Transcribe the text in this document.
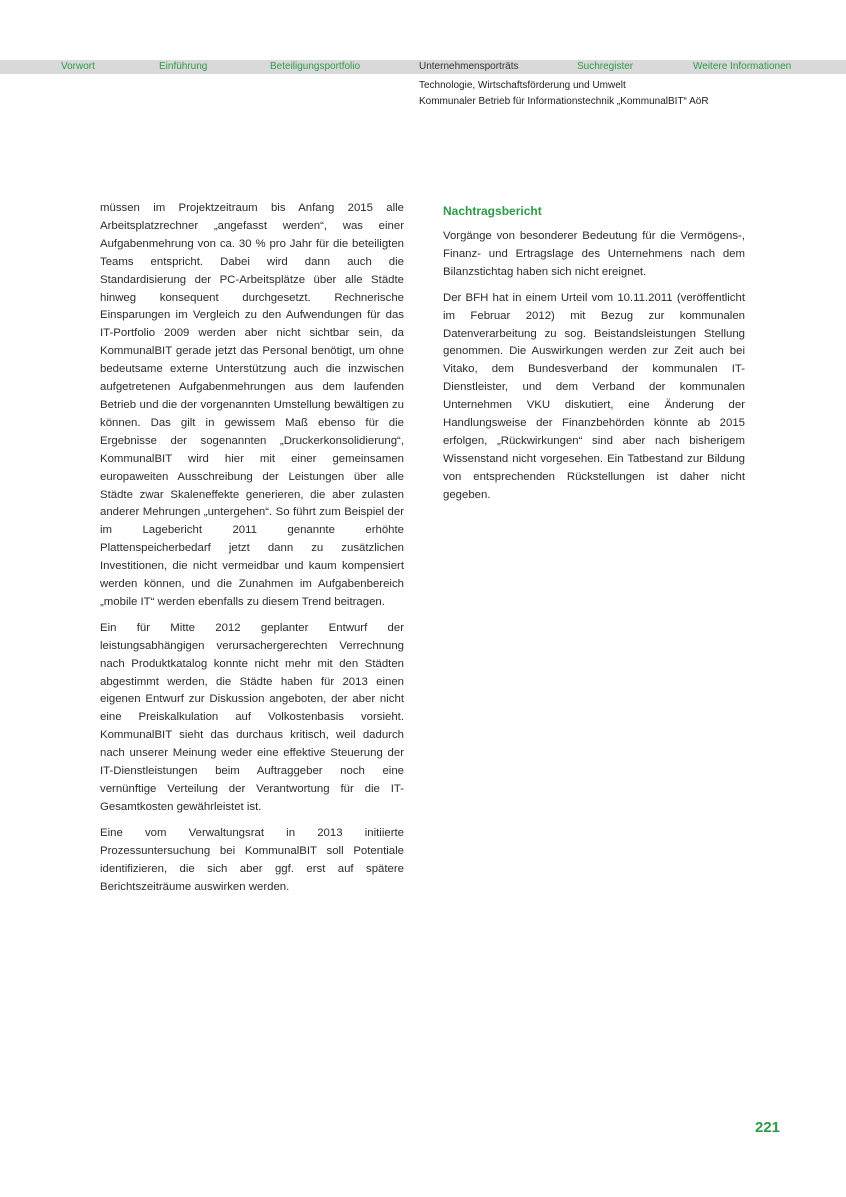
Vorwort	Einführung	Beteiligungsportfolio	Unternehmensporträts	Suchregister	Weitere Informationen
Technologie, Wirtschaftsförderung und Umwelt
Kommunaler Betrieb für Informationstechnik „KommunalBIT“ AöR

müssen im Projektzeitraum bis Anfang 2015 alle Arbeitsplatzrechner „angefasst werden“, was einer Aufgabenmehrung von ca. 30 % pro Jahr für die beteiligten Teams entspricht. Dabei wird dann auch die Standardisierung der PC-Arbeitsplätze über alle Städte hinweg konsequent durchgesetzt. Rechnerische Einsparungen im Vergleich zu den Aufwendungen für das IT-Portfolio 2009 werden aber nicht sichtbar sein, da KommunalBIT gerade jetzt das Personal benötigt, um ohne bedeutsame externe Unterstützung auch die inzwischen aufgetretenen Aufgabenmehrungen aus dem laufenden Betrieb und die der vorgenannten Umstellung bewältigen zu können. Das gilt in gewissem Maß ebenso für die Ergebnisse der sogenannten „Druckerkonsolidierung“, KommunalBIT wird hier mit einer gemeinsamen europaweiten Ausschreibung der Leistungen über alle Städte zwar Skaleneffekte generieren, die aber zulasten anderer Mehrungen „untergehen“. So führt zum Beispiel der im Lagebericht 2011 genannte erhöhte Plattenspeicherbedarf jetzt dann zu zusätzlichen Investitionen, die nicht vermeidbar und kaum kompensiert werden können, und die Zunahmen im Aufgabenbereich „mobile IT“ werden ebenfalls zu diesem Trend beitragen.

Ein für Mitte 2012 geplanter Entwurf der leistungsabhängigen verursachergerechten Verrechnung nach Produktkatalog konnte nicht mehr mit den Städten abgestimmt werden, die Städte haben für 2013 einen eigenen Entwurf zur Diskussion angeboten, der aber nicht eine Preiskalkulation auf Volkostenbasis vorsieht. KommunalBIT sieht das durchaus kritisch, weil dadurch nach unserer Meinung weder eine effektive Steuerung der IT-Dienstleistungen beim Auftraggeber noch eine vernünftige Verteilung der Verantwortung für die IT-Gesamtkosten gewährleistet ist.

Eine vom Verwaltungsrat in 2013 initiierte Prozessuntersuchung bei KommunalBIT soll Potentiale identifizieren, die sich aber ggf. erst auf spätere Berichtszeiträume auswirken werden.

Nachtragsbericht

Vorgänge von besonderer Bedeutung für die Vermögens-, Finanz- und Ertragslage des Unternehmens nach dem Bilanzstichtag haben sich nicht ereignet.

Der BFH hat in einem Urteil vom 10.11.2011 (veröffentlicht im Februar 2012) mit Bezug zur kommunalen Datenverarbeitung zu sog. Beistandsleistungen Stellung genommen. Die Auswirkungen werden zur Zeit auch bei Vitako, dem Bundesverband der kommunalen IT-Dienstleister, und dem Verband der kommunalen Unternehmen VKU diskutiert, eine Änderung der Handlungsweise der Finanzbehörden könnte ab 2015 erfolgen, „Rückwirkungen“ sind aber nach bisherigem Wissenstand nicht vorgesehen. Ein Tatbestand zur Bildung von entsprechenden Rückstellungen ist daher nicht gegeben.

221
